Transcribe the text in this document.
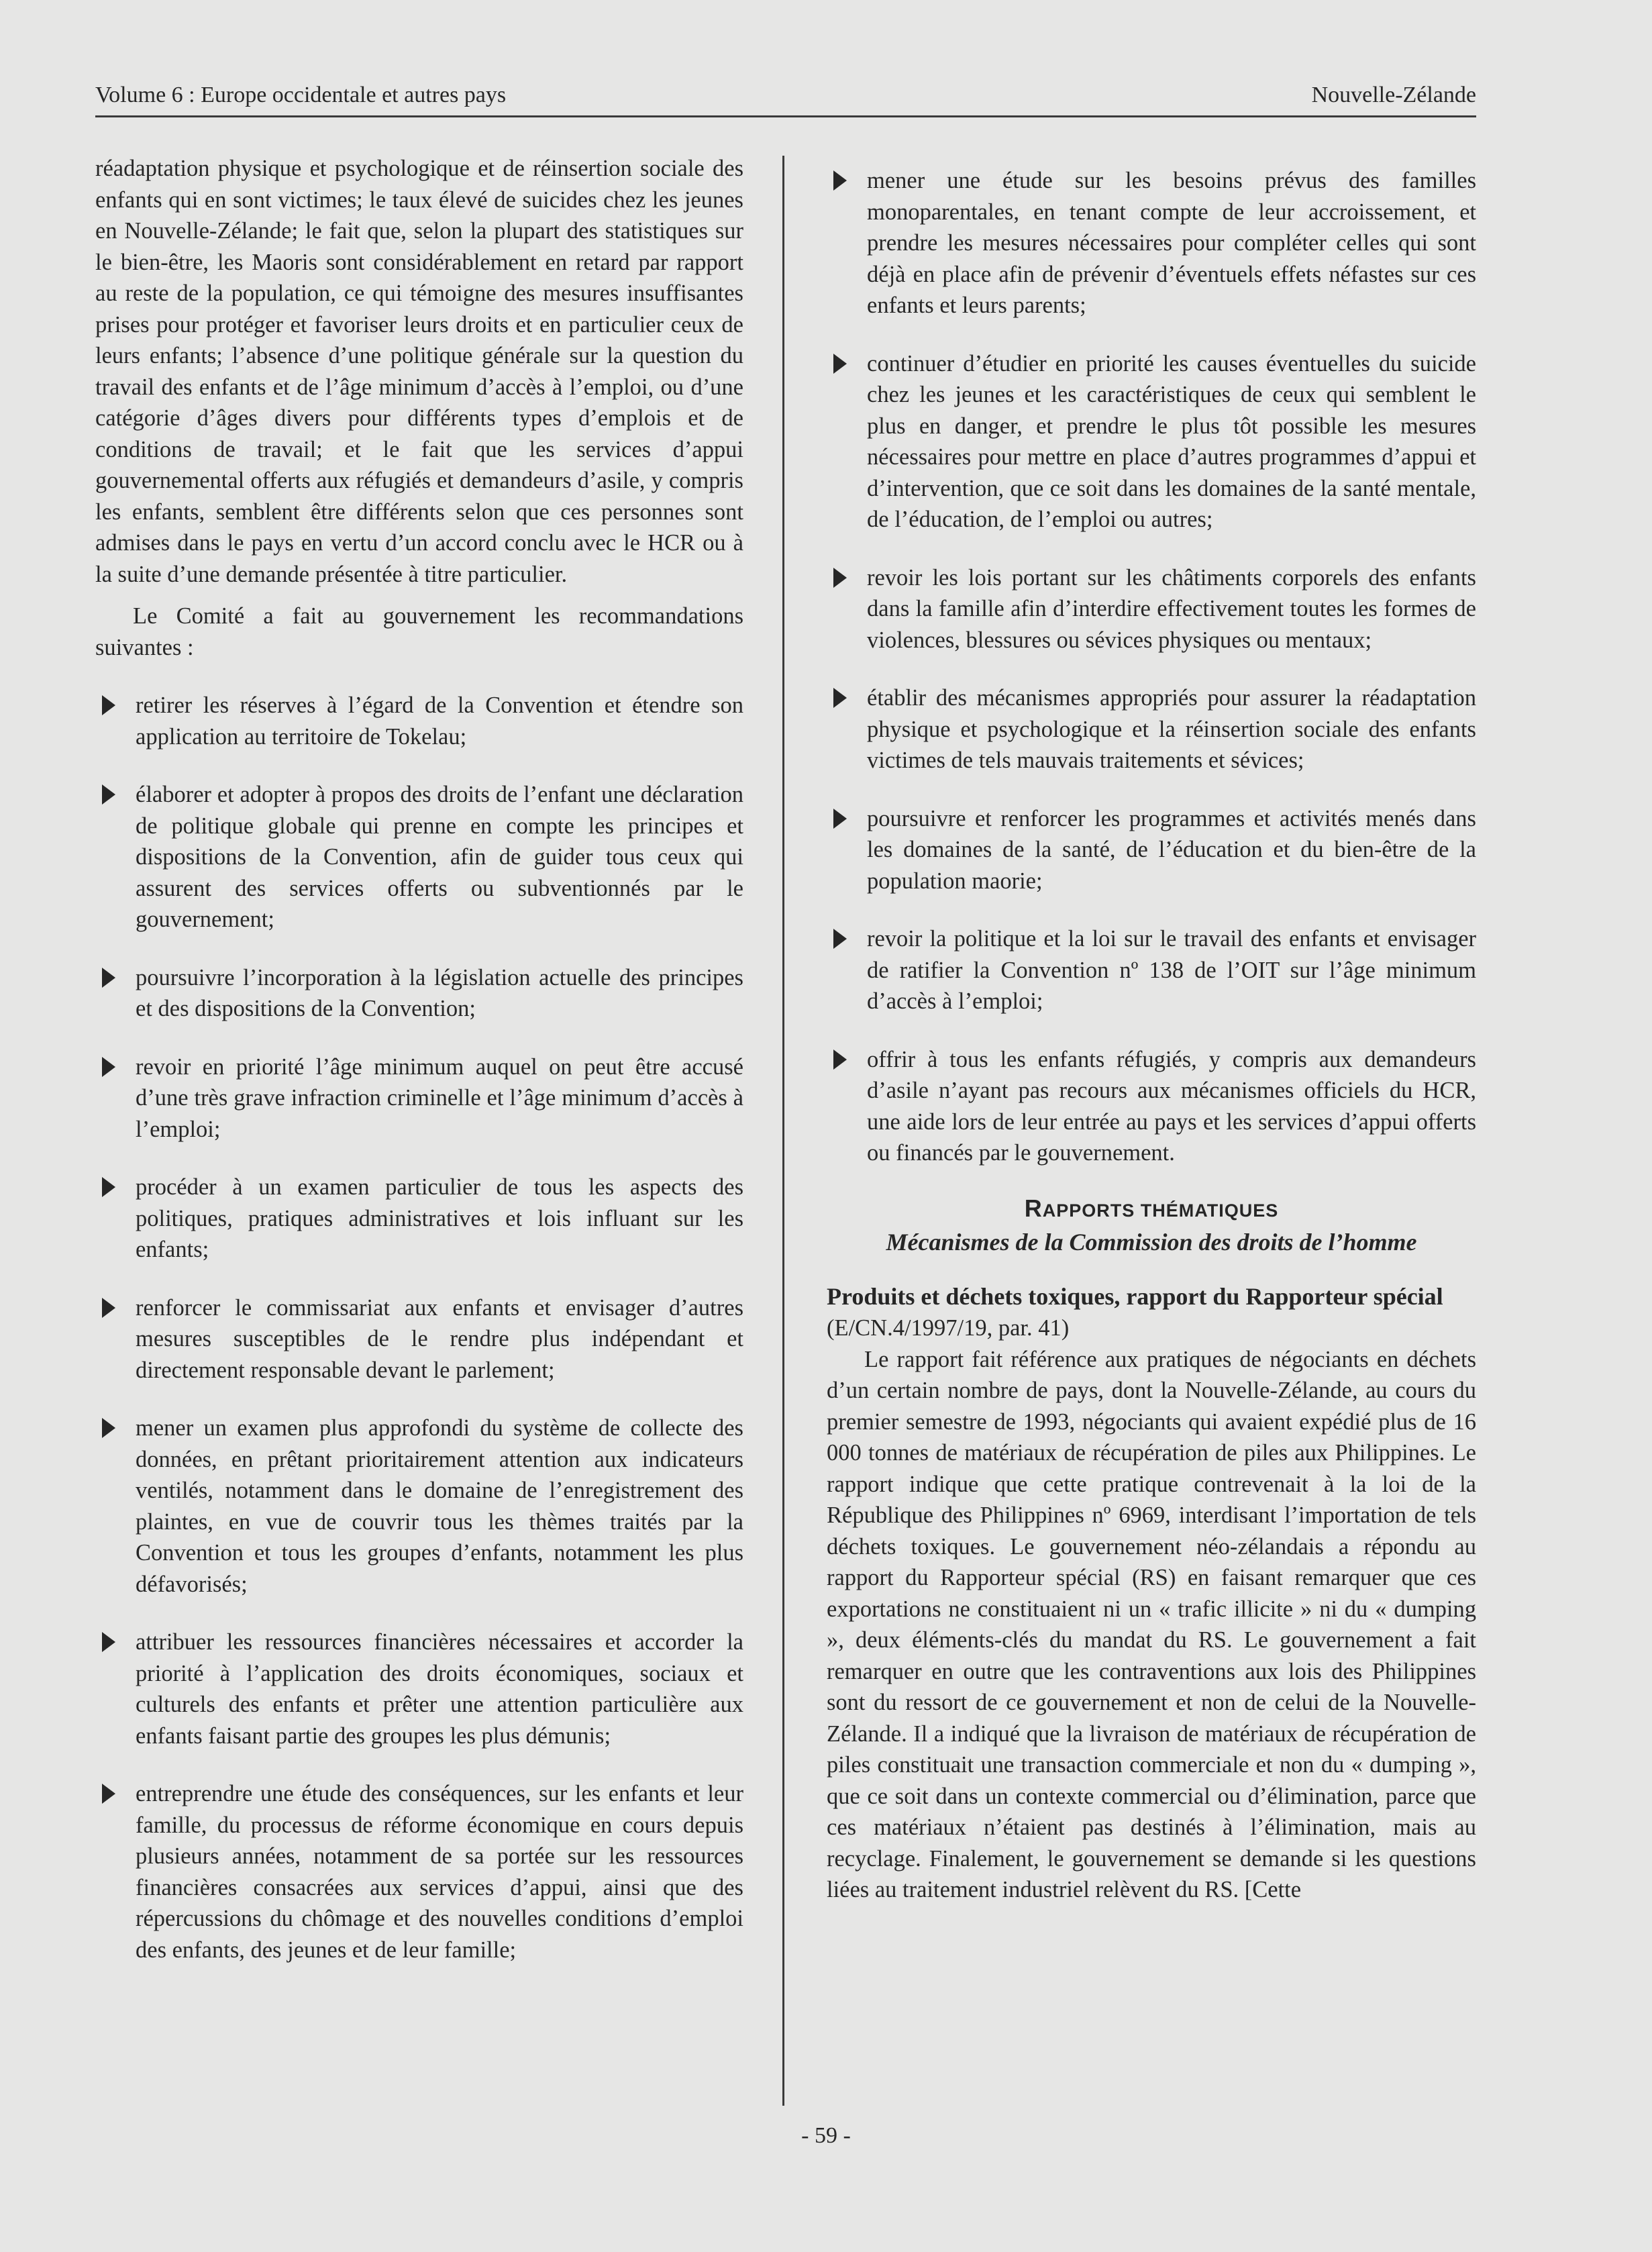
Volume 6 : Europe occidentale et autres pays	Nouvelle-Zélande

réadaptation physique et psychologique et de réinsertion sociale des enfants qui en sont victimes; le taux élevé de suicides chez les jeunes en Nouvelle-Zélande; le fait que, selon la plupart des statistiques sur le bien-être, les Maoris sont considérablement en retard par rapport au reste de la population, ce qui témoigne des mesures insuffisantes prises pour protéger et favoriser leurs droits et en particulier ceux de leurs enfants; l’absence d’une politique générale sur la question du travail des enfants et de l’âge minimum d’accès à l’emploi, ou d’une catégorie d’âges divers pour différents types d’emplois et de conditions de travail; et le fait que les services d’appui gouvernemental offerts aux réfugiés et demandeurs d’asile, y compris les enfants, semblent être différents selon que ces personnes sont admises dans le pays en vertu d’un accord conclu avec le HCR ou à la suite d’une demande présentée à titre particulier.

Le Comité a fait au gouvernement les recommandations suivantes :

retirer les réserves à l’égard de la Convention et étendre son application au territoire de Tokelau;
élaborer et adopter à propos des droits de l’enfant une déclaration de politique globale qui prenne en compte les principes et dispositions de la Convention, afin de guider tous ceux qui assurent des services offerts ou subventionnés par le gouvernement;
poursuivre l’incorporation à la législation actuelle des principes et des dispositions de la Convention;
revoir en priorité l’âge minimum auquel on peut être accusé d’une très grave infraction criminelle et l’âge minimum d’accès à l’emploi;
procéder à un examen particulier de tous les aspects des politiques, pratiques administratives et lois influant sur les enfants;
renforcer le commissariat aux enfants et envisager d’autres mesures susceptibles de le rendre plus indépendant et directement responsable devant le parlement;
mener un examen plus approfondi du système de collecte des données, en prêtant prioritairement attention aux indicateurs ventilés, notamment dans le domaine de l’enregistrement des plaintes, en vue de couvrir tous les thèmes traités par la Convention et tous les groupes d’enfants, notamment les plus défavorisés;
attribuer les ressources financières nécessaires et accorder la priorité à l’application des droits économiques, sociaux et culturels des enfants et prêter une attention particulière aux enfants faisant partie des groupes les plus démunis;
entreprendre une étude des conséquences, sur les enfants et leur famille, du processus de réforme économique en cours depuis plusieurs années, notamment de sa portée sur les ressources financières consacrées aux services d’appui, ainsi que des répercussions du chômage et des nouvelles conditions d’emploi des enfants, des jeunes et de leur famille;
mener une étude sur les besoins prévus des familles monoparentales, en tenant compte de leur accroissement, et prendre les mesures nécessaires pour compléter celles qui sont déjà en place afin de prévenir d’éventuels effets néfastes sur ces enfants et leurs parents;
continuer d’étudier en priorité les causes éventuelles du suicide chez les jeunes et les caractéristiques de ceux qui semblent le plus en danger, et prendre le plus tôt possible les mesures nécessaires pour mettre en place d’autres programmes d’appui et d’intervention, que ce soit dans les domaines de la santé mentale, de l’éducation, de l’emploi ou autres;
revoir les lois portant sur les châtiments corporels des enfants dans la famille afin d’interdire effectivement toutes les formes de violences, blessures ou sévices physiques ou mentaux;
établir des mécanismes appropriés pour assurer la réadaptation physique et psychologique et la réinsertion sociale des enfants victimes de tels mauvais traitements et sévices;
poursuivre et renforcer les programmes et activités menés dans les domaines de la santé, de l’éducation et du bien-être de la population maorie;
revoir la politique et la loi sur le travail des enfants et envisager de ratifier la Convention nº 138 de l’OIT sur l’âge minimum d’accès à l’emploi;
offrir à tous les enfants réfugiés, y compris aux demandeurs d’asile n’ayant pas recours aux mécanismes officiels du HCR, une aide lors de leur entrée au pays et les services d’appui offerts ou financés par le gouvernement.
RAPPORTS THÉMATIQUES
Mécanismes de la Commission des droits de l’homme

Produits et déchets toxiques, rapport du Rapporteur spécial (E/CN.4/1997/19, par. 41)

Le rapport fait référence aux pratiques de négociants en déchets d’un certain nombre de pays, dont la Nouvelle-Zélande, au cours du premier semestre de 1993, négociants qui avaient expédié plus de 16 000 tonnes de matériaux de récupération de piles aux Philippines. Le rapport indique que cette pratique contrevenait à la loi de la République des Philippines nº 6969, interdisant l’importation de tels déchets toxiques. Le gouvernement néo-zélandais a répondu au rapport du Rapporteur spécial (RS) en faisant remarquer que ces exportations ne constituaient ni un « trafic illicite » ni du « dumping », deux éléments-clés du mandat du RS. Le gouvernement a fait remarquer en outre que les contraventions aux lois des Philippines sont du ressort de ce gouvernement et non de celui de la Nouvelle-Zélande. Il a indiqué que la livraison de matériaux de récupération de piles constituait une transaction commerciale et non du « dumping », que ce soit dans un contexte commercial ou d’élimination, parce que ces matériaux n’étaient pas destinés à l’élimination, mais au recyclage. Finalement, le gouvernement se demande si les questions liées au traitement industriel relèvent du RS. [Cette

- 59 -
